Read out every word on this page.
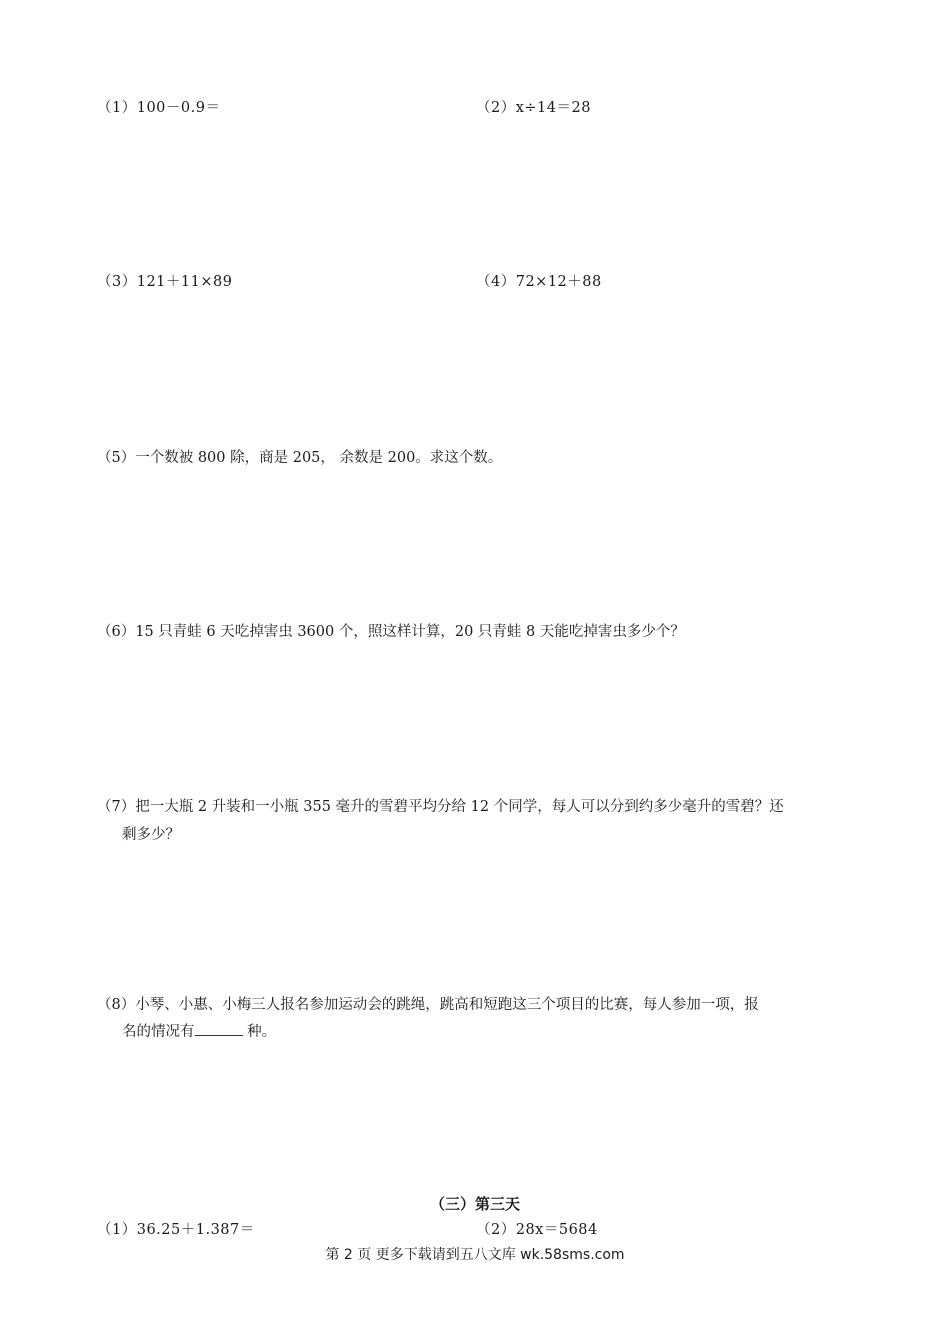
（1）100－0.9＝	（2）x÷14＝28
（3）121＋11×89	（4）72×12＋88
（5）一个数被 800 除，商是 205， 余数是 200。求这个数。
（6）15 只青蛙 6 天吃掉害虫 3600 个，照这样计算，20 只青蛙 8 天能吃掉害虫多少个？
（7）把一大瓶 2 升装和一小瓶 355 毫升的雪碧平均分给 12 个同学，每人可以分到约多少毫升的雪碧？还
剩多少？
（8）小琴、小惠、小梅三人报名参加运动会的跳绳，跳高和短跑这三个项目的比赛，每人参加一项，报
名的情况有	种。
（三）第三天
（1）36.25＋1.387＝	（2）28x＝5684
第 2 页 更多下载请到五八文库 wk.58sms.com
